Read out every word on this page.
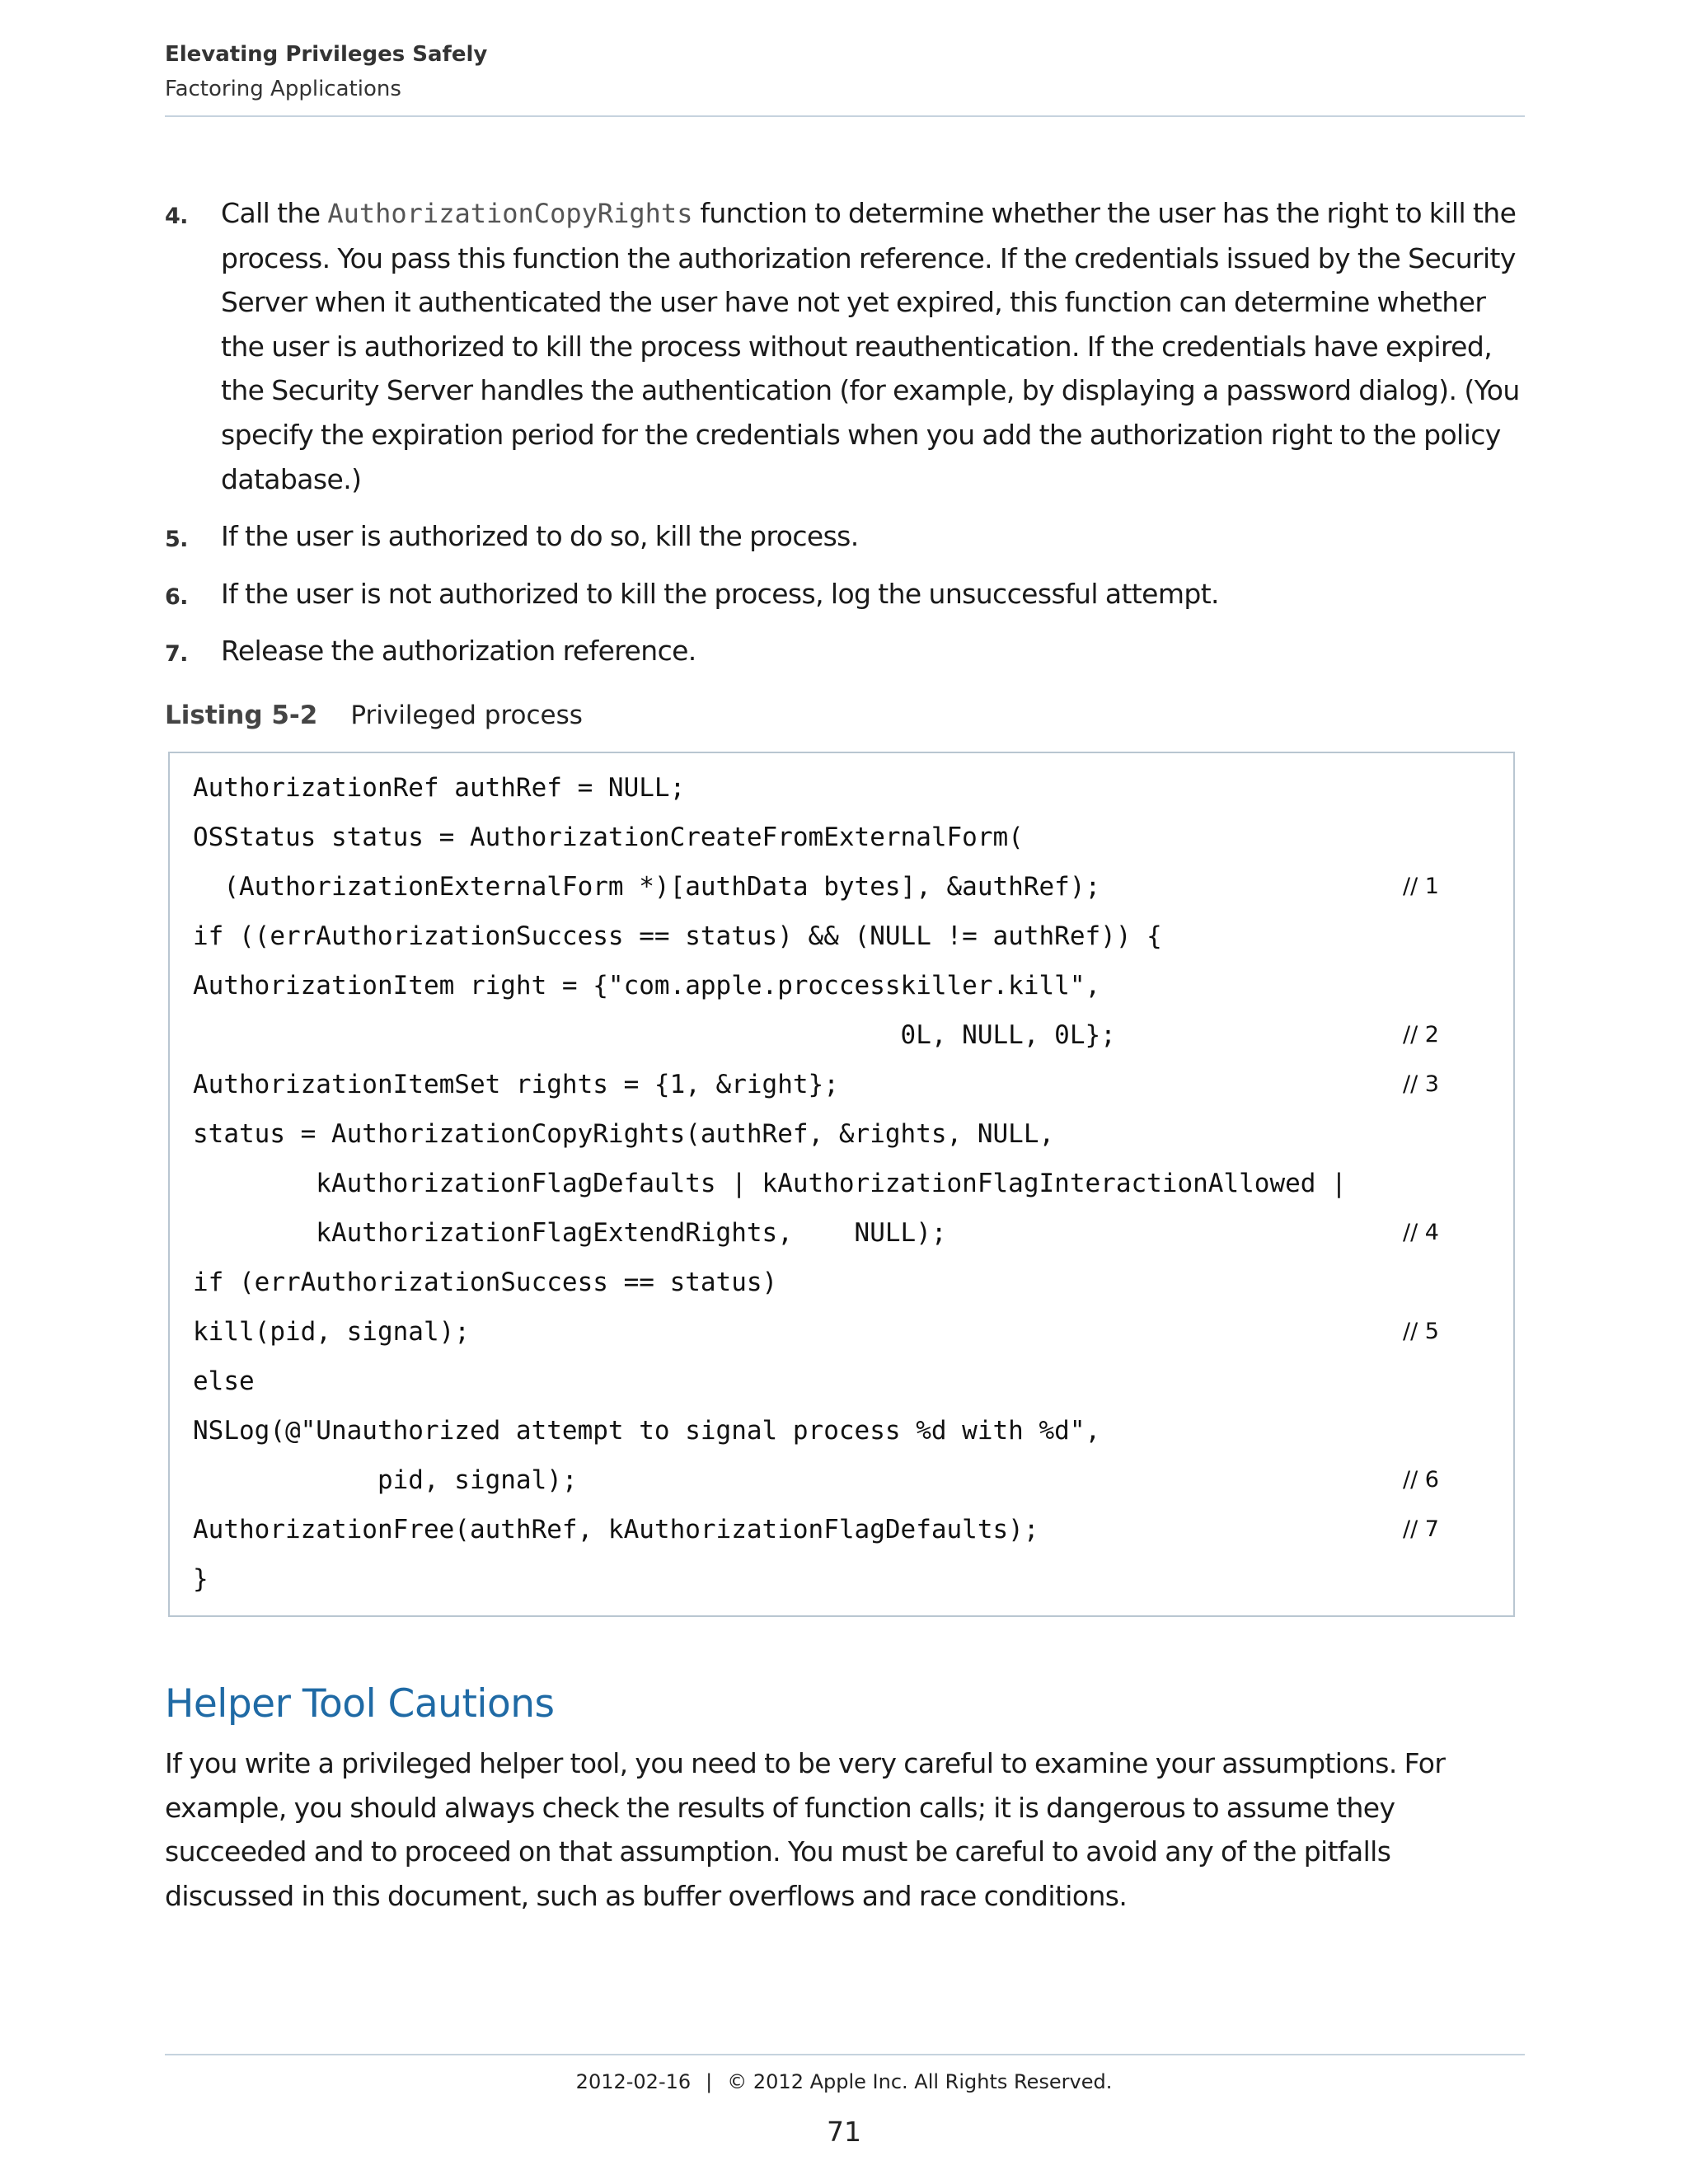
Elevating Privileges Safely
Factoring Applications
4. Call the AuthorizationCopyRights function to determine whether the user has the right to kill the process. You pass this function the authorization reference. If the credentials issued by the Security Server when it authenticated the user have not yet expired, this function can determine whether the user is authorized to kill the process without reauthentication. If the credentials have expired, the Security Server handles the authentication (for example, by displaying a password dialog). (You specify the expiration period for the credentials when you add the authorization right to the policy database.)
5. If the user is authorized to do so, kill the process.
6. If the user is not authorized to kill the process, log the unsuccessful attempt.
7. Release the authorization reference.
Listing 5-2 Privileged process
AuthorizationRef authRef = NULL;
OSStatus status = AuthorizationCreateFromExternalForm(
(AuthorizationExternalForm *)[authData bytes], &authRef);	// 1
if ((errAuthorizationSuccess == status) && (NULL != authRef)) {
AuthorizationItem right = {"com.apple.proccesskiller.kill",
0L, NULL, 0L};	// 2
AuthorizationItemSet rights = {1, &right};	// 3
status = AuthorizationCopyRights(authRef, &rights, NULL,
kAuthorizationFlagDefaults | kAuthorizationFlagInteractionAllowed |
kAuthorizationFlagExtendRights,    NULL);	// 4
if (errAuthorizationSuccess == status)
kill(pid, signal);	// 5
else
NSLog(@"Unauthorized attempt to signal process %d with %d",
pid, signal);	// 6
AuthorizationFree(authRef, kAuthorizationFlagDefaults);	// 7
}
Helper Tool Cautions

If you write a privileged helper tool, you need to be very careful to examine your assumptions. For example, you should always check the results of function calls; it is dangerous to assume they succeeded and to proceed on that assumption. You must be careful to avoid any of the pitfalls discussed in this document, such as buffer overflows and race conditions.

2012-02-16 | © 2012 Apple Inc. All Rights Reserved.
71
